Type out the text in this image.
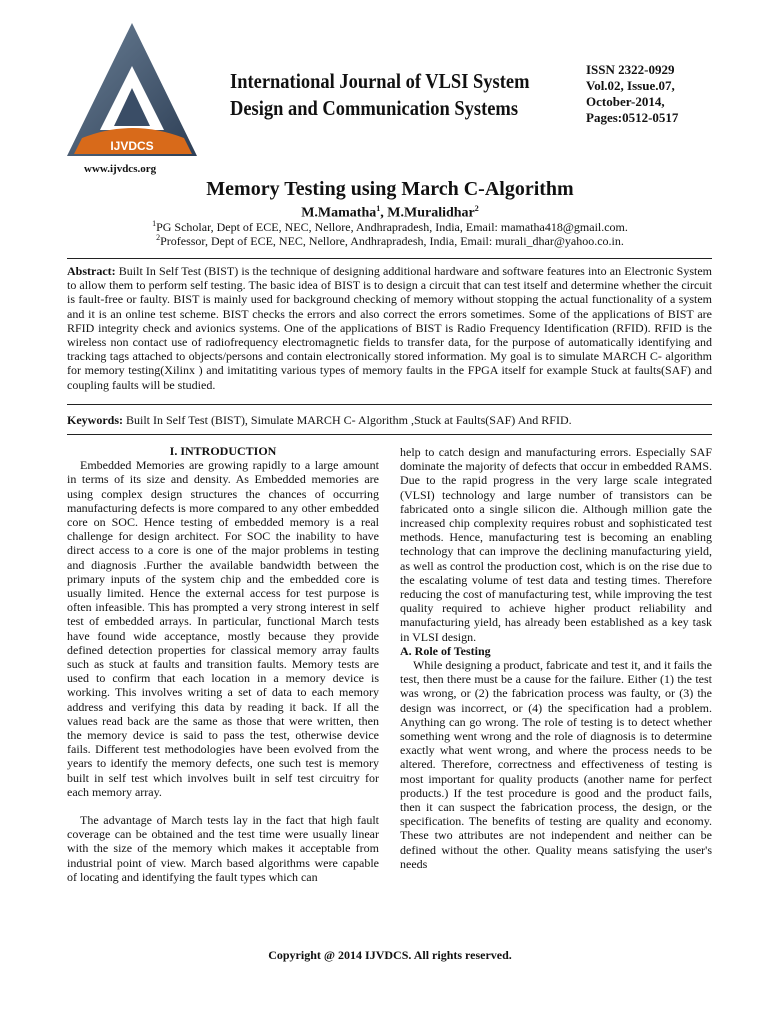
IJVDCS
www.ijvdcs.org
International Journal of VLSI System
Design and Communication Systems
ISSN 2322-0929
Vol.02, Issue.07,
October-2014,
Pages:0512-0517
Memory Testing using March C-Algorithm
M.Mamatha$^1$, M.Muralidhar$^2$
$^1$PG Scholar, Dept of ECE, NEC, Nellore, Andhrapradesh, India, Email: mamatha418@gmail.com.
$^2$Professor, Dept of ECE, NEC, Nellore, Andhrapradesh, India, Email: murali_dhar@yahoo.co.in.
Abstract: Built In Self Test (BIST) is the technique of designing additional hardware and software features into an Electronic System to allow them to perform self testing. The basic idea of BIST is to design a circuit that can test itself and determine whether the circuit is fault-free or faulty. BIST is mainly used for background checking of memory without stopping the actual functionality of a system and it is an online test scheme. BIST checks the errors and also correct the errors sometimes. Some of the applications of BIST are RFID integrity check and avionics systems. One of the applications of BIST is Radio Frequency Identification (RFID). RFID is the wireless non contact use of radiofrequency electromagnetic fields to transfer data, for the purpose of automatically identifying and tracking tags attached to objects/persons and contain electronically stored information. My goal is to simulate MARCH C- algorithm for memory testing(Xilinx ) and imitatiting various types of memory faults in the FPGA itself for example Stuck at faults(SAF) and coupling faults will be studied.
Keywords: Built In Self Test (BIST), Simulate MARCH C- Algorithm ,Stuck at Faults(SAF) And RFID.

I. INTRODUCTION

Embedded Memories are growing rapidly to a large amount in terms of its size and density. As Embedded memories are using complex design structures the chances of occurring manufacturing defects is more compared to any other embedded core on SOC. Hence testing of embedded memory is a real challenge for design architect. For SOC the inability to have direct access to a core is one of the major problems in testing and diagnosis .Further the available bandwidth between the primary inputs of the system chip and the embedded core is usually limited. Hence the external access for test purpose is often infeasible. This has prompted a very strong interest in self test of embedded arrays. In particular, functional March tests have found wide acceptance, mostly because they provide defined detection properties for classical memory array faults such as stuck at faults and transition faults. Memory tests are used to confirm that each location in a memory device is working. This involves writing a set of data to each memory address and verifying this data by reading it back. If all the values read back are the same as those that were written, then the memory device is said to pass the test, otherwise device fails. Different test methodologies have been evolved from the years to identify the memory defects, one such test is memory built in self test which involves built in self test circuitry for each memory array.

The advantage of March tests lay in the fact that high fault coverage can be obtained and the test time were usually linear with the size of the memory which makes it acceptable from industrial point of view. March based algorithms were capable of locating and identifying the fault types which can

help to catch design and manufacturing errors. Especially SAF dominate the majority of defects that occur in embedded RAMS. Due to the rapid progress in the very large scale integrated (VLSI) technology and large number of transistors can be fabricated onto a single silicon die. Although million gate the increased chip complexity requires robust and sophisticated test methods. Hence, manufacturing test is becoming an enabling technology that can improve the declining manufacturing yield, as well as control the production cost, which is on the rise due to the escalating volume of test data and testing times. Therefore reducing the cost of manufacturing test, while improving the test quality required to achieve higher product reliability and manufacturing yield, has already been established as a key task in VLSI design.

A. Role of Testing

While designing a product, fabricate and test it, and it fails the test, then there must be a cause for the failure. Either (1) the test was wrong, or (2) the fabrication process was faulty, or (3) the design was incorrect, or (4) the specification had a problem. Anything can go wrong. The role of testing is to detect whether something went wrong and the role of diagnosis is to determine exactly what went wrong, and where the process needs to be altered. Therefore, correctness and effectiveness of testing is most important for quality products (another name for perfect products.) If the test procedure is good and the product fails, then it can suspect the fabrication process, the design, or the specification. The benefits of testing are quality and economy. These two attributes are not independent and neither can be defined without the other. Quality means satisfying the user's needs

Copyright @ 2014 IJVDCS. All rights reserved.
